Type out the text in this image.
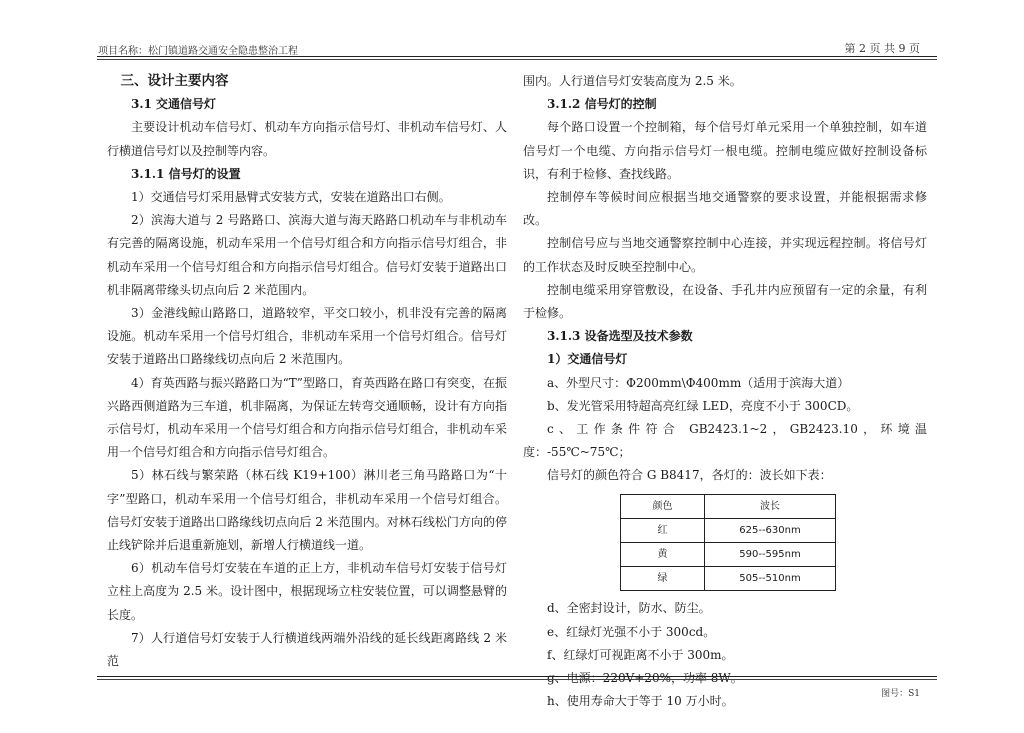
项目名称：松门镇道路交通安全隐患整治工程	第 2 页 共 9 页

三、设计主要内容

3.1 交通信号灯

主要设计机动车信号灯、机动车方向指示信号灯、非机动车信号灯、人行横道信号灯以及控制等内容。

3.1.1 信号灯的设置

1）交通信号灯采用悬臂式安装方式，安装在道路出口右侧。

2）滨海大道与 2 号路路口、滨海大道与海天路路口机动车与非机动车有完善的隔离设施，机动车采用一个信号灯组合和方向指示信号灯组合，非机动车采用一个信号灯组合和方向指示信号灯组合。信号灯安装于道路出口机非隔离带缘头切点向后 2 米范围内。

3）金港线鲸山路路口，道路较窄，平交口较小，机非没有完善的隔离设施。机动车采用一个信号灯组合，非机动车采用一个信号灯组合。信号灯安装于道路出口路缘线切点向后 2 米范围内。

4）育英西路与振兴路路口为“T”型路口，育英西路在路口有突变，在振兴路西侧道路为三车道，机非隔离，为保证左转弯交通顺畅，设计有方向指示信号灯，机动车采用一个信号灯组合和方向指示信号灯组合，非机动车采用一个信号灯组合和方向指示信号灯组合。

5）林石线与繁荣路（林石线 K19+100）淋川老三角马路路口为“十字”型路口，机动车采用一个信号灯组合，非机动车采用一个信号灯组合。信号灯安装于道路出口路缘线切点向后 2 米范围内。对林石线松门方向的停止线铲除并后退重新施划，新增人行横道线一道。

6）机动车信号灯安装在车道的正上方，非机动车信号灯安装于信号灯立柱上高度为 2.5 米。设计图中，根据现场立柱安装位置，可以调整悬臂的长度。

7）人行道信号灯安装于人行横道线两端外沿线的延长线距离路线 2 米范

围内。人行道信号灯安装高度为 2.5 米。

3.1.2 信号灯的控制

每个路口设置一个控制箱，每个信号灯单元采用一个单独控制，如车道信号灯一个电缆、方向指示信号灯一根电缆。控制电缆应做好控制设备标识，有利于检修、查找线路。

控制停车等候时间应根据当地交通警察的要求设置，并能根据需求修改。

控制信号应与当地交通警察控制中心连接，并实现远程控制。将信号灯的工作状态及时反映至控制中心。

控制电缆采用穿管敷设，在设备、手孔井内应预留有一定的余量，有利于检修。

3.1.3 设备选型及技术参数

1）交通信号灯

a、外型尺寸：Φ200mm\Φ400mm（适用于滨海大道）

b、发光管采用特超高亮红绿 LED，亮度不小于 300CD。

c、工作条件符合 GB2423.1~2，GB2423.10，环境温度：-55℃~75℃；

信号灯的颜色符合 G B8417，各灯的：波长如下表：

颜色	波长
红	625--630nm
黄	590--595nm
绿	505--510nm

d、全密封设计，防水、防尘。

e、红绿灯光强不小于 300cd。

f、红绿灯可视距离不小于 300m。

g、电源：220V+20%，功率 8W。

h、使用寿命大于等于 10 万小时。

图号：S1
